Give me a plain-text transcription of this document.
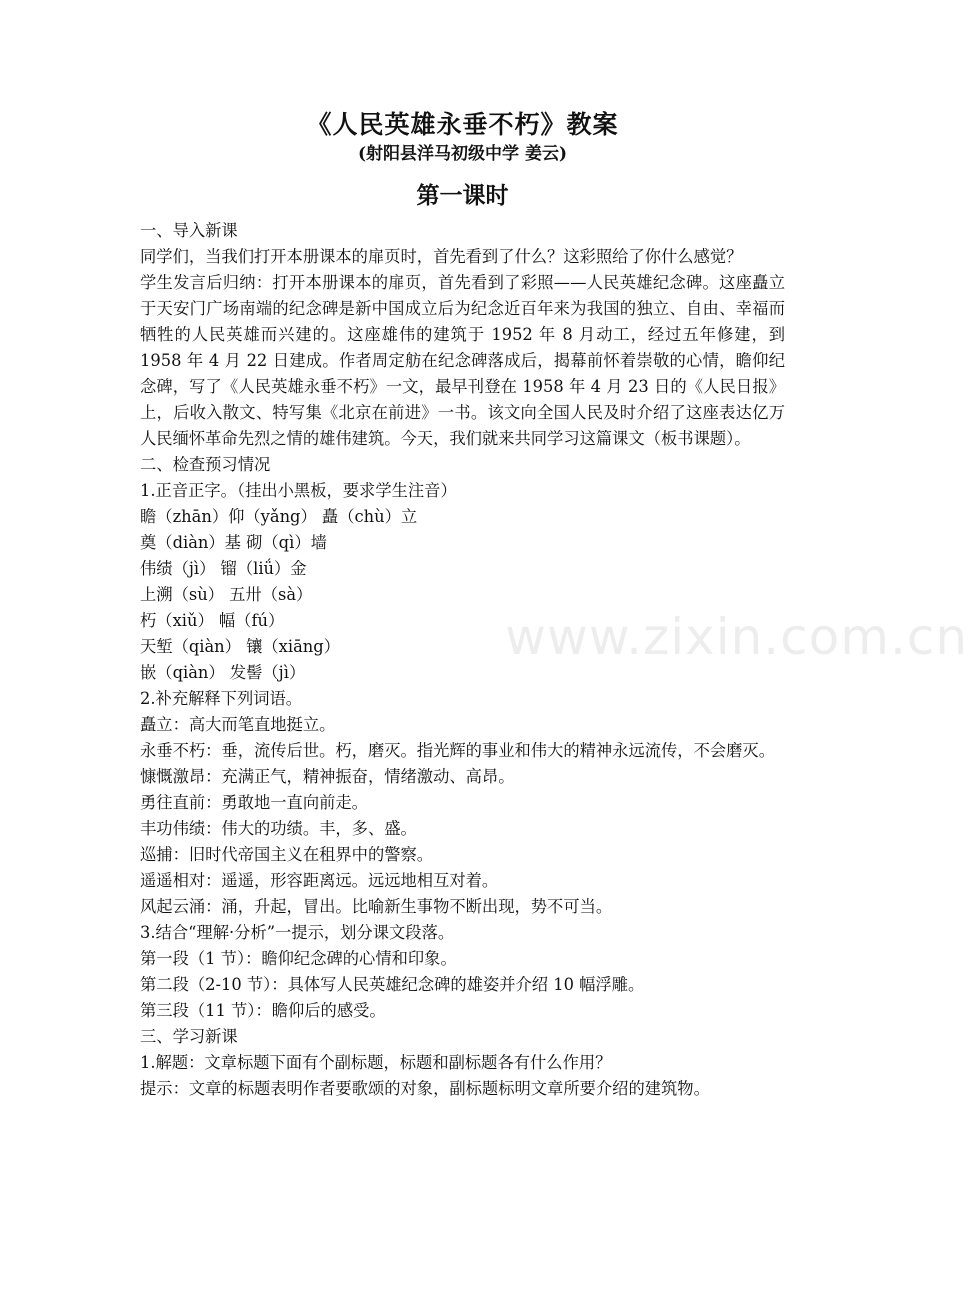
《人民英雄永垂不朽》教案
(射阳县洋马初级中学 姜云)
第一课时

一、导入新课

同学们，当我们打开本册课本的扉页时，首先看到了什么？这彩照给了你什么感觉？

学生发言后归纳：打开本册课本的扉页，首先看到了彩照——人民英雄纪念碑。这座矗立于天安门广场南端的纪念碑是新中国成立后为纪念近百年来为我国的独立、自由、幸福而牺牲的人民英雄而兴建的。这座雄伟的建筑于 1952 年 8 月动工，经过五年修建，到 1958 年 4 月 22 日建成。作者周定舫在纪念碑落成后，揭幕前怀着崇敬的心情，瞻仰纪念碑，写了《人民英雄永垂不朽》一文，最早刊登在 1958 年 4 月 23 日的《人民日报》上，后收入散文、特写集《北京在前进》一书。该文向全国人民及时介绍了这座表达亿万人民缅怀革命先烈之情的雄伟建筑。今天，我们就来共同学习这篇课文（板书课题）。

二、检查预习情况

1.正音正字。（挂出小黑板，要求学生注音）

瞻（zhān）仰（yǎng） 矗（chù）立

奠（diàn）基 砌（qì）墙

伟绩（jì） 镏（liǘ）金

上溯（sù） 五卅（sà）

朽（xiǔ） 幅（fú）

天堑（qiàn） 镶（xiāng）

嵌（qiàn） 发髻（jì）

2.补充解释下列词语。

矗立：高大而笔直地挺立。

永垂不朽：垂，流传后世。朽，磨灭。指光辉的事业和伟大的精神永远流传，不会磨灭。

慷慨激昂：充满正气，精神振奋，情绪激动、高昂。

勇往直前：勇敢地一直向前走。

丰功伟绩：伟大的功绩。丰，多、盛。

巡捕：旧时代帝国主义在租界中的警察。

遥遥相对：遥遥，形容距离远。远远地相互对着。

风起云涌：涌，升起，冒出。比喻新生事物不断出现，势不可当。

3.结合“理解·分析”一提示，划分课文段落。

第一段（1 节）：瞻仰纪念碑的心情和印象。

第二段（2-10 节）：具体写人民英雄纪念碑的雄姿并介绍 10 幅浮雕。

第三段（11 节）：瞻仰后的感受。

三、学习新课

1.解题：文章标题下面有个副标题，标题和副标题各有什么作用？

提示：文章的标题表明作者要歌颂的对象，副标题标明文章所要介绍的建筑物。

www.zixin.com.cn
